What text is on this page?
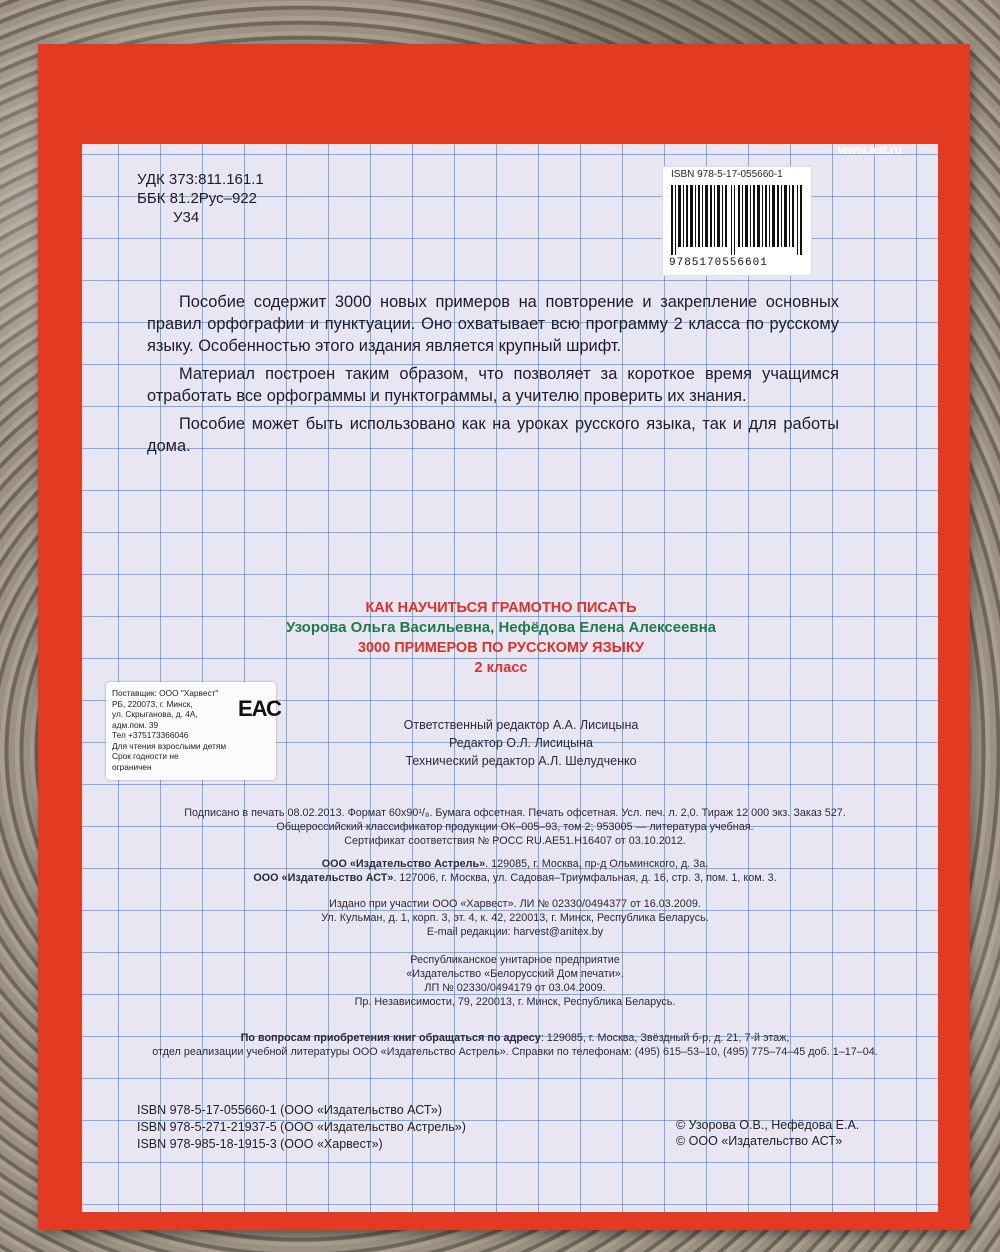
www.ast.ru
УДК 373:811.161.1
ББК 81.2Рус–922
У34
ISBN 978-5-17-055660-1
9785170556601

Пособие содержит 3000 новых примеров на повторение и закрепление основных правил орфографии и пунктуации. Оно охватывает всю программу 2 класса по русскому языку. Особенностью этого издания является крупный шрифт.

Материал построен таким образом, что позволяет за короткое время учащимся отработать все орфограммы и пунктограммы, а учителю проверить их знания.

Пособие может быть использовано как на уроках русского языка, так и для работы дома.

КАК НАУЧИТЬСЯ ГРАМОТНО ПИСАТЬ
Узорова Ольга Васильевна, Нефёдова Елена Алексеевна
3000 ПРИМЕРОВ ПО РУССКОМУ ЯЗЫКУ
2 класс
Поставщик: ООО "Харвест"
РБ, 220073, г. Минск,
ул. Скрыганова, д. 4А,
адм.пом. 39
Тел +375173366046
Для чтения взрослыми детям
Срок годности не
ограничен
ЕАС
Ответственный редактор А.А. Лисицына
Редактор О.Л. Лисицына
Технический редактор А.Л. Шелудченко
Подписано в печать 08.02.2013. Формат 60x90¹/₈. Бумага офсетная. Печать офсетная. Усл. печ. л. 2,0. Тираж 12 000 экз. Заказ 527.
Общероссийский классификатор продукции ОК–005–93, том 2; 953005 — литература учебная.
Сертификат соответствия № РОСС RU.AE51.H16407 от 03.10.2012.
ООО «Издательство Астрель». 129085, г. Москва, пр-д Ольминского, д. 3а.
ООО «Издательство АСТ». 127006, г. Москва, ул. Садовая–Триумфальная, д. 16, стр. 3, пом. 1, ком. 3.
Издано при участии ООО «Харвест». ЛИ № 02330/0494377 от 16.03.2009.
Ул. Кульман, д. 1, корп. 3, эт. 4, к. 42, 220013, г. Минск, Республика Беларусь.
E-mail редакции: harvest@anitex.by
Республиканское унитарное предприятие
«Издательство «Белорусский Дом печати».
ЛП № 02330/0494179 от 03.04.2009.
Пр. Независимости, 79, 220013, г. Минск, Республика Беларусь.
По вопросам приобретения книг обращаться по адресу: 129085, г. Москва, Звёздный б-р, д. 21, 7-й этаж,
отдел реализации учебной литературы ООО «Издательство Астрель». Справки по телефонам: (495) 615–53–10, (495) 775–74–45 доб. 1–17–04.
ISBN 978-5-17-055660-1 (ООО «Издательство АСТ»)
ISBN 978-5-271-21937-5 (ООО «Издательство Астрель»)
ISBN 978-985-18-1915-3 (ООО «Харвест»)
© Узорова О.В., Нефёдова Е.А.
© ООО «Издательство АСТ»
